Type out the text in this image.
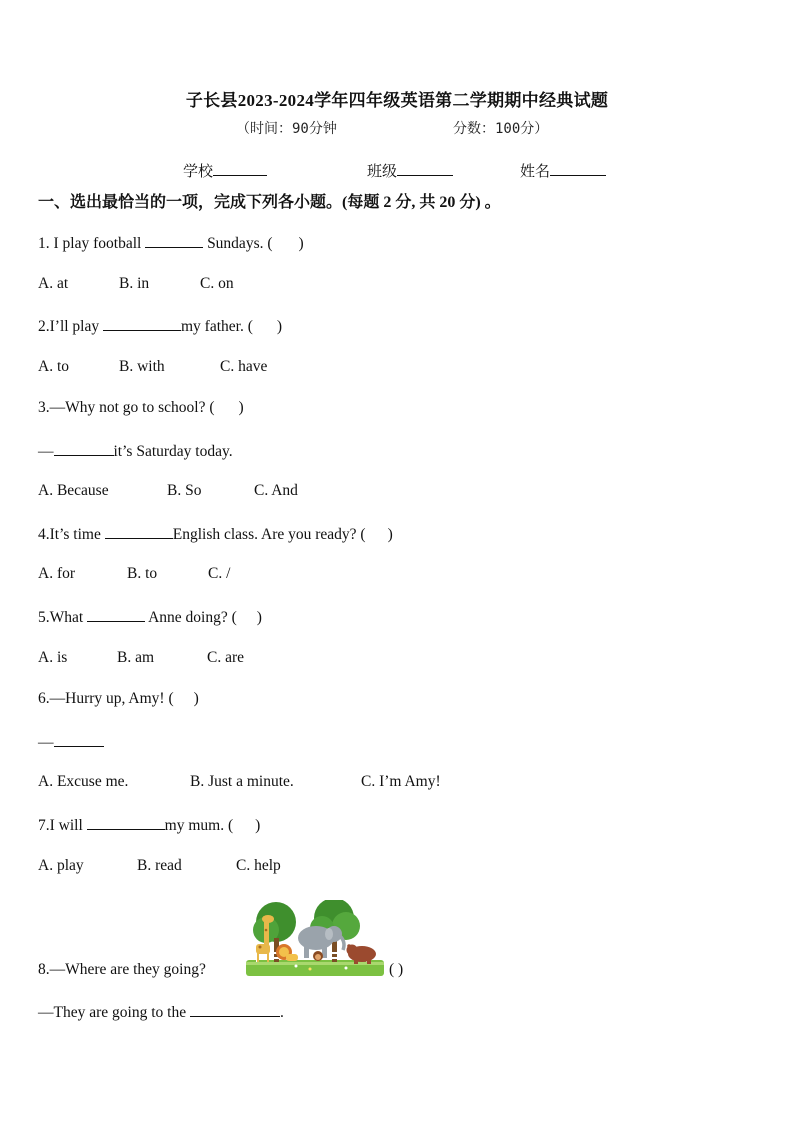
子长县2023-2024学年四年级英语第二学期期中经典试题
（时间：90分钟	分数：100分）
学校	班级	姓名
一、选出最恰当的一项，完成下列各小题。(每题 2 分, 共 20 分) 。
1. I play football	Sundays. ( )
A. at	B. in	C. on
2.I’ll play	my father. ( )
A. to	B. with	C. have
3.—Why not go to school? ( )
—	it’s Saturday today.
A. Because	B. So	C. And
4.It’s time	English class. Are you ready? ( )
A. for	B. to	C. /
5.What	Anne doing? ( )
A. is	B. am	C. are
6.—Hurry up, Amy! ( )
—
A. Excuse me.	B. Just a minute.	C. I’m Amy!
7.I will	my mum. ( )
A. play	B. read	C. help
8.—Where are they going?	( )
—They are going to the	.
